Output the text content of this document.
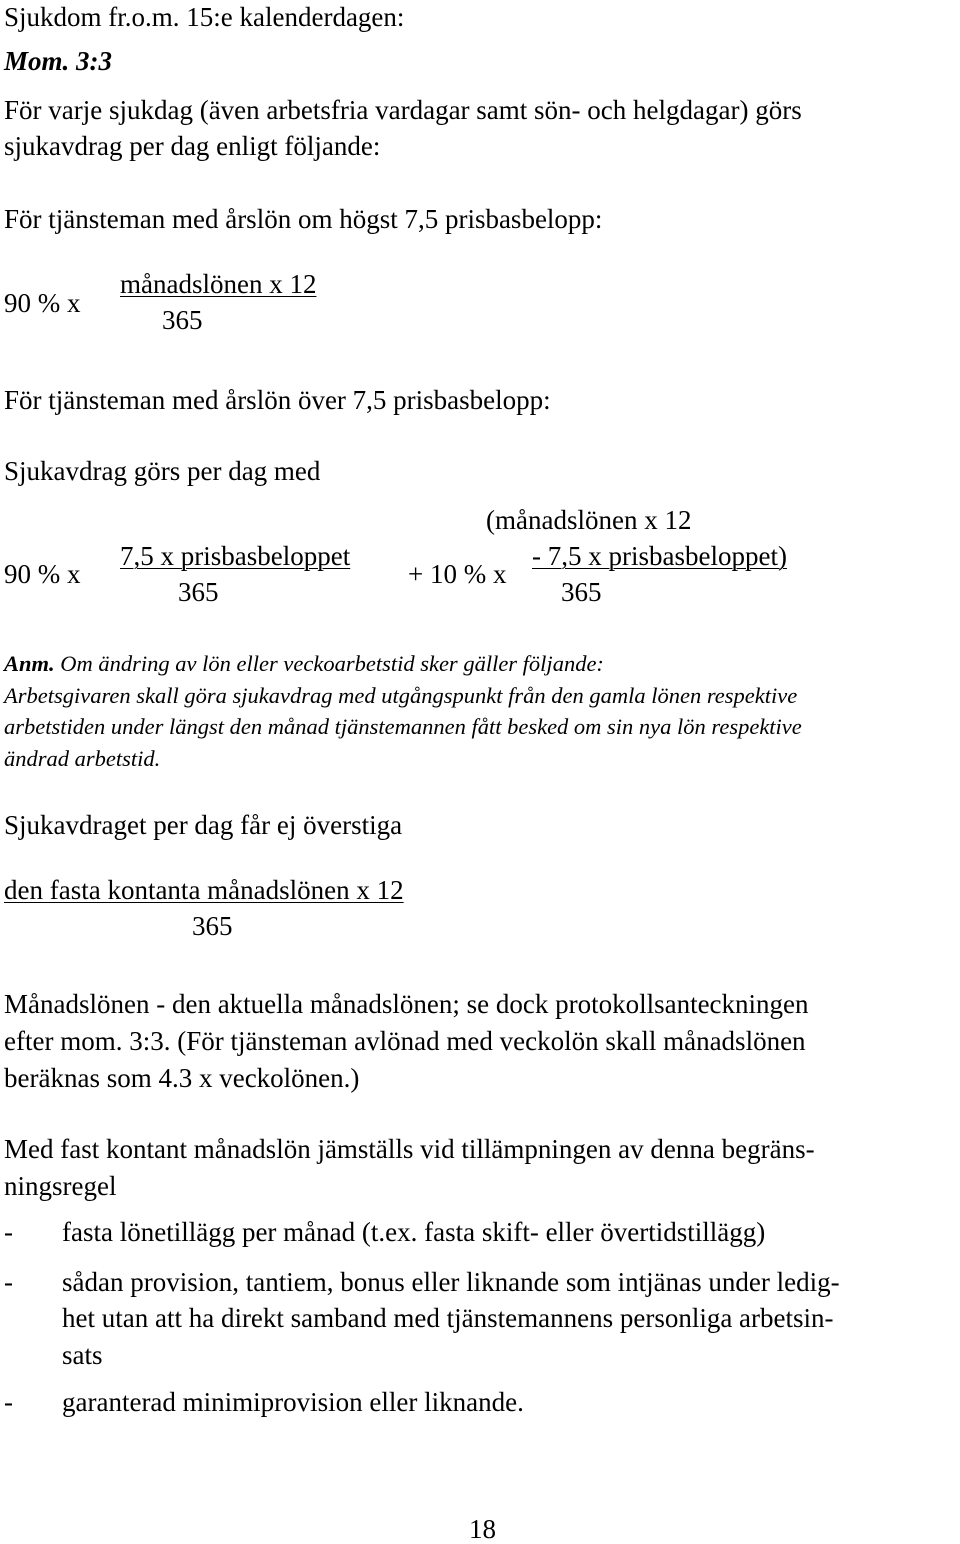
Sjukdom fr.o.m. 15:e kalenderdagen:
Mom. 3:3
För varje sjukdag (även arbetsfria vardagar samt sön- och helgdagar) görs
sjukavdrag per dag enligt följande:
För tjänsteman med årslön om högst 7,5 prisbasbelopp:
90 % x
månadslönen x 12
365
För tjänsteman med årslön över 7,5 prisbasbelopp:
Sjukavdrag görs per dag med
90 % x
7,5 x prisbasbeloppet
365
+ 10 % x
(månadslönen x 12
- 7,5 x prisbasbeloppet)
365
Anm. Om ändring av lön eller veckoarbetstid sker gäller följande:
Arbetsgivaren skall göra sjukavdrag med utgångspunkt från den gamla lönen respektive
arbetstiden under längst den månad tjänstemannen fått besked om sin nya lön respektive
ändrad arbetstid.
Sjukavdraget per dag får ej överstiga
den fasta kontanta månadslönen x 12
365
Månadslönen - den aktuella månadslönen; se dock protokollsanteckningen
efter mom. 3:3. (För tjänsteman avlönad med veckolön skall månadslönen
beräknas som 4.3 x veckolönen.)
Med fast kontant månadslön jämställs vid tillämpningen av denna begräns-
ningsregel
- fasta lönetillägg per månad (t.ex. fasta skift- eller övertidstillägg)
- sådan provision, tantiem, bonus eller liknande som intjänas under ledig-
het utan att ha direkt samband med tjänstemannens personliga arbetsin-
sats
- garanterad minimiprovision eller liknande.
18
